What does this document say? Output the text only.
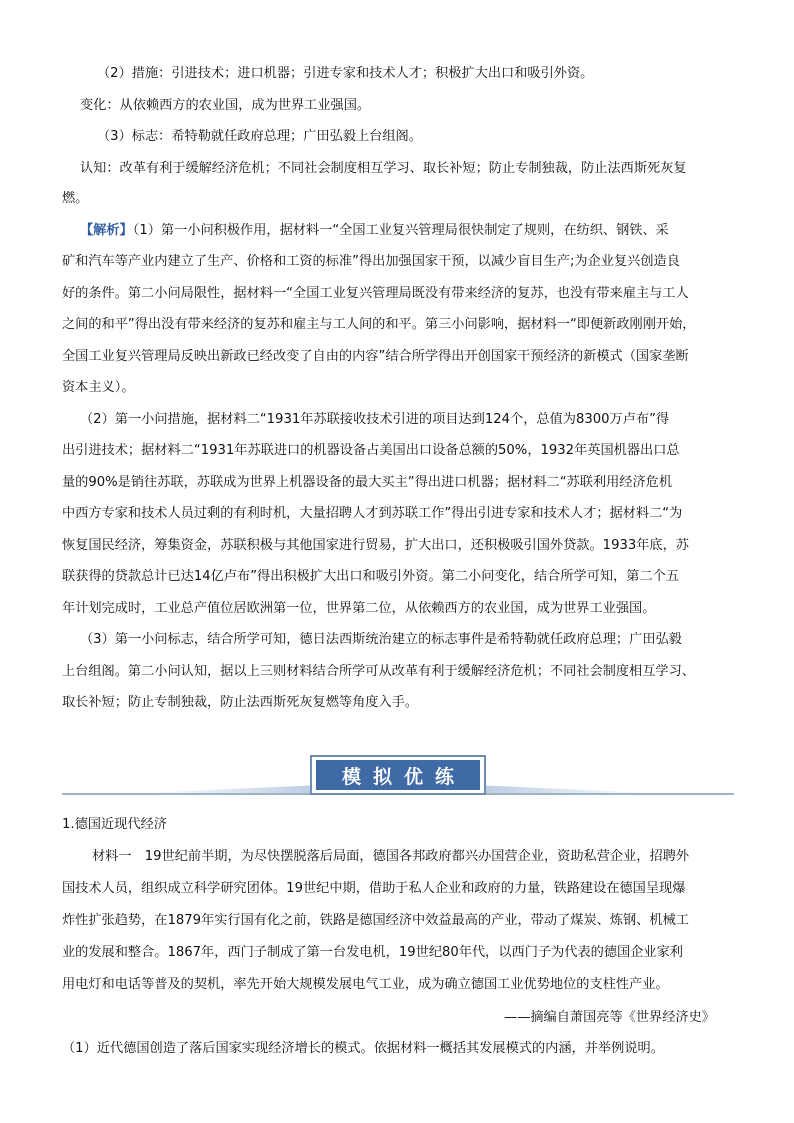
（2）措施：引进技术；进口机器；引进专家和技术人才；积极扩大出口和吸引外资。
变化：从依赖西方的农业国，成为世界工业强国。
（3）标志：希特勒就任政府总理；广田弘毅上台组阁。
认知：改革有利于缓解经济危机；不同社会制度相互学习、取长补短；防止专制独裁，防止法西斯死灰复
燃。
【解析】（1）第一小问积极作用，据材料一“全国工业复兴管理局很快制定了规则，在纺织、钢铁、采
矿和汽车等产业内建立了生产、价格和工资的标准”得出加强国家干预，以减少盲目生产;为企业复兴创造良
好的条件。第二小问局限性，据材料一“全国工业复兴管理局既没有带来经济的复苏，也没有带来雇主与工人
之间的和平”得出没有带来经济的复苏和雇主与工人间的和平。第三小问影响，据材料一“即便新政刚刚开始，
全国工业复兴管理局反映出新政已经改变了自由的内容”结合所学得出开创国家干预经济的新模式（国家垄断
资本主义）。
（2）第一小问措施，据材料二“1931年苏联接收技术引进的项目达到124个，总值为8300万卢布”得
出引进技术；据材料二“1931年苏联进口的机器设备占美国出口设备总额的50%，1932年英国机器出口总
量的90%是销往苏联，苏联成为世界上机器设备的最大买主”得出进口机器；据材料二“苏联利用经济危机
中西方专家和技术人员过剩的有利时机，大量招聘人才到苏联工作”得出引进专家和技术人才；据材料二“为
恢复国民经济，筹集资金，苏联积极与其他国家进行贸易，扩大出口，还积极吸引国外贷款。1933年底，苏
联获得的贷款总计已达14亿卢布”得出积极扩大出口和吸引外资。第二小问变化，结合所学可知，第二个五
年计划完成时，工业总产值位居欧洲第一位，世界第二位，从依赖西方的农业国，成为世界工业强国。
（3）第一小问标志，结合所学可知，德日法西斯统治建立的标志事件是希特勒就任政府总理；广田弘毅
上台组阁。第二小问认知，据以上三则材料结合所学可从改革有利于缓解经济危机；不同社会制度相互学习、
取长补短；防止专制独裁，防止法西斯死灰复燃等角度入手。
模拟优练
1.德国近现代经济
材料一　19世纪前半期，为尽快摆脱落后局面，德国各邦政府都兴办国营企业，资助私营企业，招聘外
国技术人员，组织成立科学研究团体。19世纪中期，借助于私人企业和政府的力量，铁路建设在德国呈现爆
炸性扩张趋势，在1879年实行国有化之前，铁路是德国经济中效益最高的产业，带动了煤炭、炼钢、机械工
业的发展和整合。1867年，西门子制成了第一台发电机，19世纪80年代，以西门子为代表的德国企业家利
用电灯和电话等普及的契机，率先开始大规模发展电气工业，成为确立德国工业优势地位的支柱性产业。
——摘编自萧国亮等《世界经济史》
（1）近代德国创造了落后国家实现经济增长的模式。依据材料一概括其发展模式的内涵，并举例说明。
